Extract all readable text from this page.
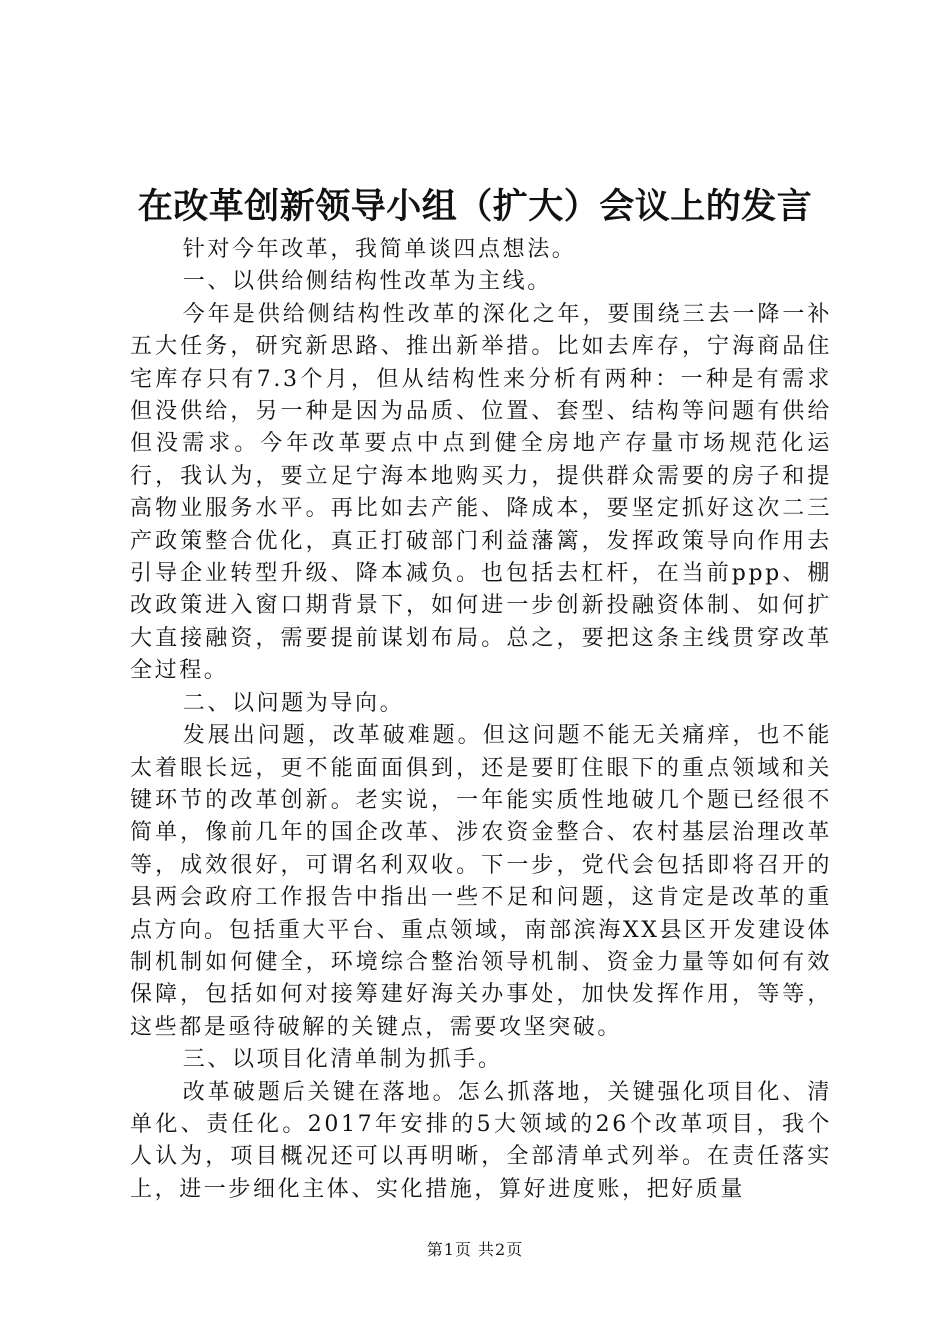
在改革创新领导小组（扩大）会议上的发言

针对今年改革，我简单谈四点想法。

一、以供给侧结构性改革为主线。

今年是供给侧结构性改革的深化之年，要围绕三去一降一补五大任务，研究新思路、推出新举措。比如去库存，宁海商品住宅库存只有7.3个月，但从结构性来分析有两种：一种是有需求但没供给，另一种是因为品质、位置、套型、结构等问题有供给但没需求。今年改革要点中点到健全房地产存量市场规范化运行，我认为，要立足宁海本地购买力，提供群众需要的房子和提高物业服务水平。再比如去产能、降成本，要坚定抓好这次二三产政策整合优化，真正打破部门利益藩篱，发挥政策导向作用去引导企业转型升级、降本减负。也包括去杠杆，在当前ppp、棚改政策进入窗口期背景下，如何进一步创新投融资体制、如何扩大直接融资，需要提前谋划布局。总之，要把这条主线贯穿改革全过程。

二、以问题为导向。

发展出问题，改革破难题。但这问题不能无关痛痒，也不能太着眼长远，更不能面面俱到，还是要盯住眼下的重点领域和关键环节的改革创新。老实说，一年能实质性地破几个题已经很不简单，像前几年的国企改革、涉农资金整合、农村基层治理改革等，成效很好，可谓名利双收。下一步，党代会包括即将召开的县两会政府工作报告中指出一些不足和问题，这肯定是改革的重点方向。包括重大平台、重点领域，南部滨海XX县区开发建设体制机制如何健全，环境综合整治领导机制、资金力量等如何有效保障，包括如何对接筹建好海关办事处，加快发挥作用，等等，这些都是亟待破解的关键点，需要攻坚突破。

三、以项目化清单制为抓手。

改革破题后关键在落地。怎么抓落地，关键强化项目化、清单化、责任化。2017年安排的5大领域的26个改革项目，我个人认为，项目概况还可以再明晰，全部清单式列举。在责任落实上，进一步细化主体、实化措施，算好进度账，把好质量

第1页 共2页
